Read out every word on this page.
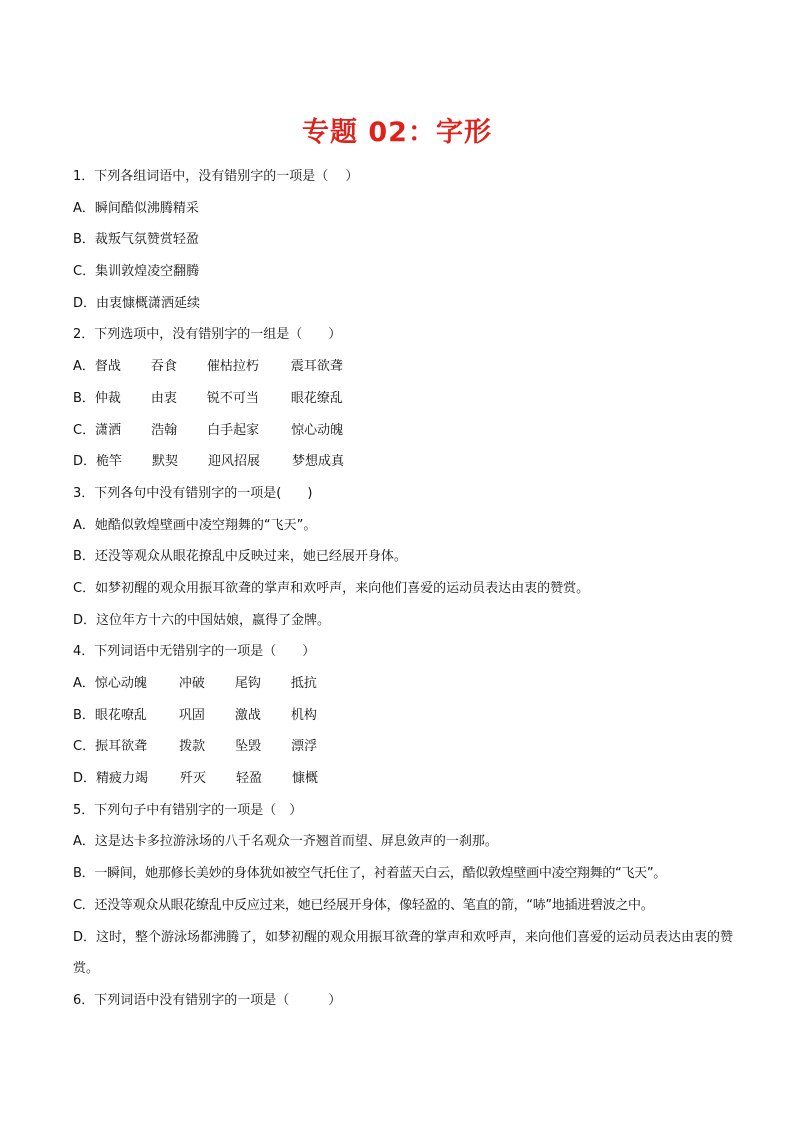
专题 02：字形

1．下列各组词语中，没有错别字的一项是（　 ）

A．瞬间酷似沸腾精采

B．裁叛气氛赞赏轻盈

C．集训敦煌凌空翻腾

D．由衷慷概潇洒延续

2．下列选项中，没有错别字的一组是（　　）

A．督战 吞食 催枯拉朽 震耳欲聋

B．仲裁 由衷 锐不可当 眼花缭乱

C．潇洒 浩翰 白手起家 惊心动魄

D．桅竿 默契 迎风招展 梦想成真

3．下列各句中没有错别字的一项是(　　)

A．她酷似敦煌壁画中凌空翔舞的“飞天”。

B．还没等观众从眼花撩乱中反映过来，她已经展开身体。

C．如梦初醒的观众用振耳欲聋的掌声和欢呼声，来向他们喜爱的运动员表达由衷的赞赏。

D．这位年方十六的中国姑娘，嬴得了金牌。

4．下列词语中无错别字的一项是（　　）

A．惊心动魄 冲破 尾钩 抵抗

B．眼花嘹乱 巩固 激战 机构

C．振耳欲聋 拨款 坠毁 漂浮

D．精疲力竭 歼灭 轻盈 慷概

5．下列句子中有错别字的一项是（　）

A．这是达卡多拉游泳场的八千名观众一齐翘首而望、屏息敛声的一刹那。

B．一瞬间，她那修长美妙的身体犹如被空气托住了，衬着蓝天白云，酷似敦煌壁画中凌空翔舞的“飞天”。

C．还没等观众从眼花缭乱中反应过来，她已经展开身体，像轻盈的、笔直的箭，“哧”地插进碧波之中。

D．这时，整个游泳场都沸腾了，如梦初醒的观众用振耳欲聋的掌声和欢呼声，来向他们喜爱的运动员表达由衷的赞赏。

6．下列词语中没有错别字的一项是（　　　）
